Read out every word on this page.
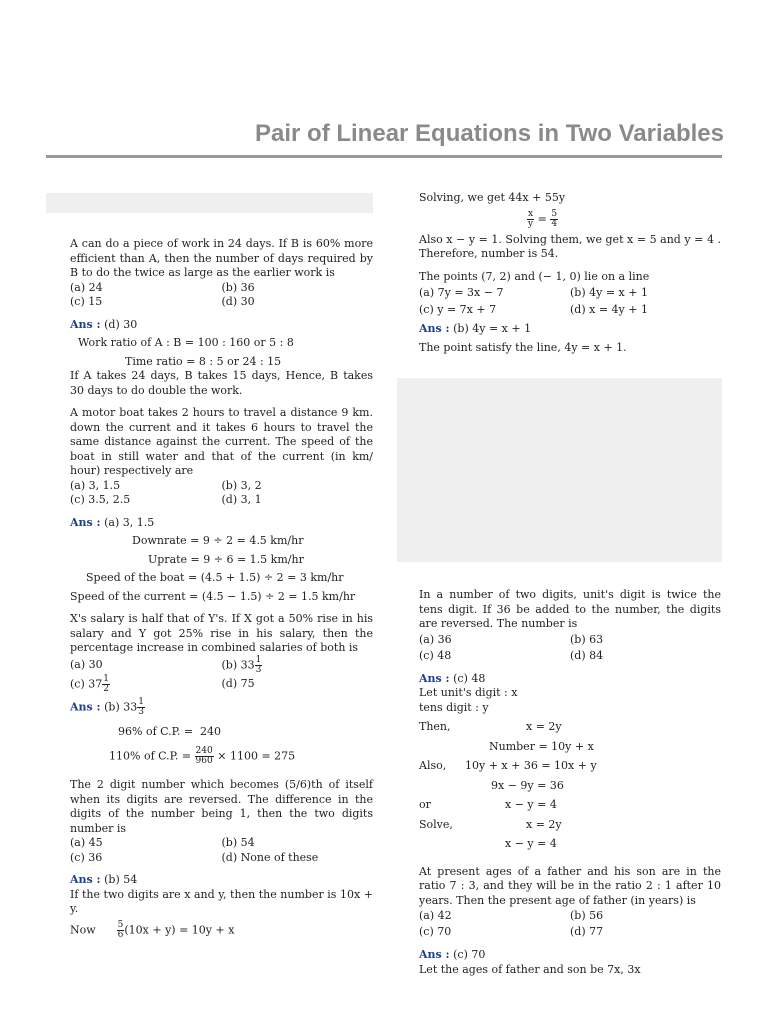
Pair of Linear Equations in Two Variables
A can do a piece of work in 24 days. If B is 60% more efficient than A, then the number of days required by B to do the twice as large as the earlier work is
(a) 24	(b) 36
(c) 15	(d) 30
Ans : (d) 30
Work ratio of A : B = 100 : 160 or 5 : 8
Time ratio = 8 : 5 or 24 : 15
If A takes 24 days, B takes 15 days, Hence, B takes 30 days to do double the work.
A motor boat takes 2 hours to travel a distance 9 km. down the current and it takes 6 hours to travel the same distance against the current. The speed of the boat in still water and that of the current (in km/ hour) respectively are
(a) 3, 1.5	(b) 3, 2
(c) 3.5, 2.5	(d) 3, 1
Ans : (a) 3, 1.5
Downrate = 9 ÷ 2 = 4.5 km/hr
Uprate = 9 ÷ 6 = 1.5 km/hr
Speed of the boat = (4.5 + 1.5) ÷ 2 = 3 km/hr
Speed of the current = (4.5 − 1.5) ÷ 2 = 1.5 km/hr
X's salary is half that of Y's. If X got a 50% rise in his salary and Y got 25% rise in his salary, then the percentage increase in combined salaries of both is
(a) 30	(b) $33 \frac{1}{3}$
(c) $37 \frac{1}{2}$	(d) 75
Ans : (b) $33 \frac{1}{3}$
96% of C.P. = 240
110% of C.P. = $\frac{240}{960} \times 1100 = 275$
The 2 digit number which becomes (5/6)th of itself when its digits are reversed. The difference in the digits of the number being 1, then the two digits number is
(a) 45	(b) 54
(c) 36	(d) None of these
Ans : (b) 54
If the two digits are x and y, then the number is 10x + y.
Now $\frac{5}{6} (10x + y) = 10y + x$
Solving, we get 44x + 55y
$\frac{x}{y} = \frac{5}{4}$
Also x − y = 1. Solving them, we get x = 5 and y = 4 . Therefore, number is 54.
The points (7, 2) and (− 1, 0) lie on a line
(a) 7y = 3x − 7	(b) 4y = x + 1
(c) y = 7x + 7	(d) x = 4y + 1
Ans : (b) 4y = x + 1
The point satisfy the line, 4y = x + 1.
In a number of two digits, unit's digit is twice the tens digit. If 36 be added to the number, the digits are reversed. The number is
(a) 36	(b) 63
(c) 48	(d) 84
Ans : (c) 48
Let unit's digit : x
tens digit : y
Then,	x = 2y
Number = 10y + x
Also,	10y + x + 36 = 10x + y
9x − 9y = 36
or	x − y = 4
Solve,	x = 2y
x − y = 4
At present ages of a father and his son are in the ratio 7 : 3, and they will be in the ratio 2 : 1 after 10 years. Then the present age of father (in years) is
(a) 42	(b) 56
(c) 70	(d) 77
Ans : (c) 70
Let the ages of father and son be 7x, 3x
